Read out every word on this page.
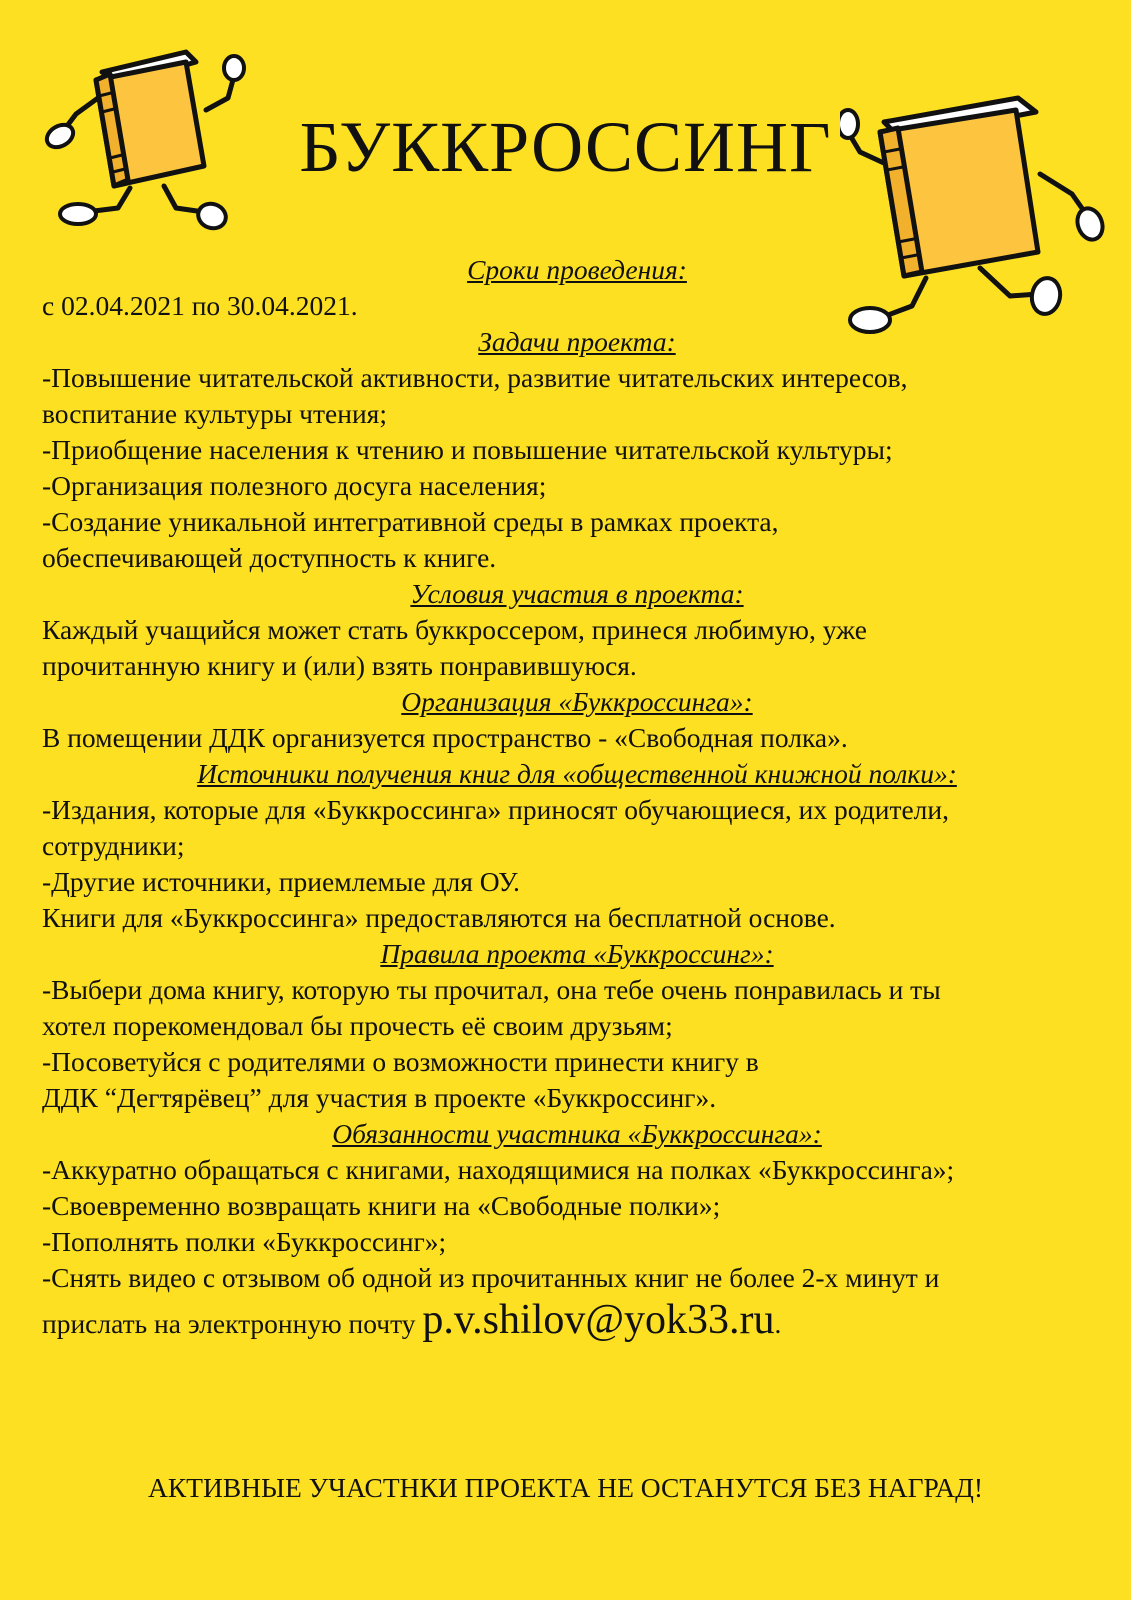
БУККРОССИНГ
Сроки проведения:
с 02.04.2021 по 30.04.2021.
Задачи проекта:
-Повышение читательской активности, развитие читательских интересов,
воспитание культуры чтения;
-Приобщение населения к чтению и повышение читательской культуры;
-Организация полезного досуга населения;
-Создание уникальной интегративной среды в рамках проекта,
обеспечивающей доступность к книге.
Условия участия в проекта:
Каждый учащийся может стать буккроссером, принеся любимую, уже
прочитанную книгу и (или) взять понравившуюся.
Организация «Буккроссинга»:
В помещении ДДК организуется пространство - «Свободная полка».
Источники получения книг для «общественной книжной полки»:
-Издания, которые для «Буккроссинга» приносят обучающиеся, их родители,
сотрудники;
-Другие источники, приемлемые для ОУ.
Книги для «Буккроссинга» предоставляются на бесплатной основе.
Правила проекта «Буккроссинг»:
-Выбери дома книгу, которую ты прочитал, она тебе очень понравилась и ты
хотел порекомендовал бы прочесть её своим друзьям;
-Посоветуйся с родителями о возможности принести книгу в
ДДК “Дегтярёвец” для участия в проекте «Буккроссинг».
Обязанности участника «Буккроссинга»:
-Аккуратно обращаться с книгами, находящимися на полках «Буккроссинга»;
-Своевременно возвращать книги на «Свободные полки»;
-Пополнять полки «Буккроссинг»;
-Снять видео с отзывом об одной из прочитанных книг не более 2-х минут и
прислать на электронную почту p.v.shilov@yok33.ru.
АКТИВНЫЕ УЧАСТНКИ ПРОЕКТА НЕ ОСТАНУТСЯ БЕЗ НАГРАД!
